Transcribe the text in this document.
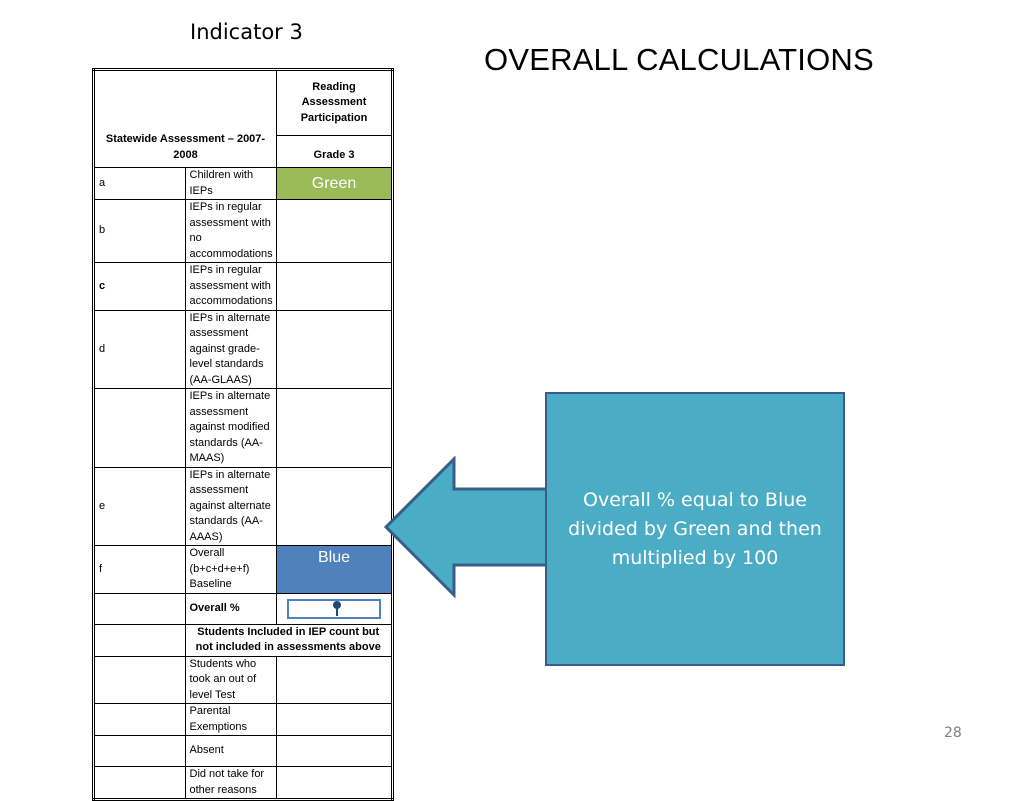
Indicator 3
OVERALL CALCULATIONS
Statewide Assessment – 2007-2008		Reading Assessment Participation
		Grade 3
a	Children with IEPs	Green
b	IEPs in regular assessment with no accommodations	
c	IEPs in regular assessment with accommodations	
d	IEPs in alternate assessment against grade-level standards (AA-GLAAS)	
	IEPs in alternate assessment against modified standards (AA-MAAS)	
e	IEPs in alternate assessment against alternate standards (AA-AAAS)	
f	Overall (b+c+d+e+f) Baseline	Blue
	Overall %	

	Students Included in IEP count but not included in assessments above	
	Students who took an out of level Test	
	Parental Exemptions	
	Absent	
	Did not take for other reasons	
Overall % equal to Blue divided by Green and then multiplied by 100
28
